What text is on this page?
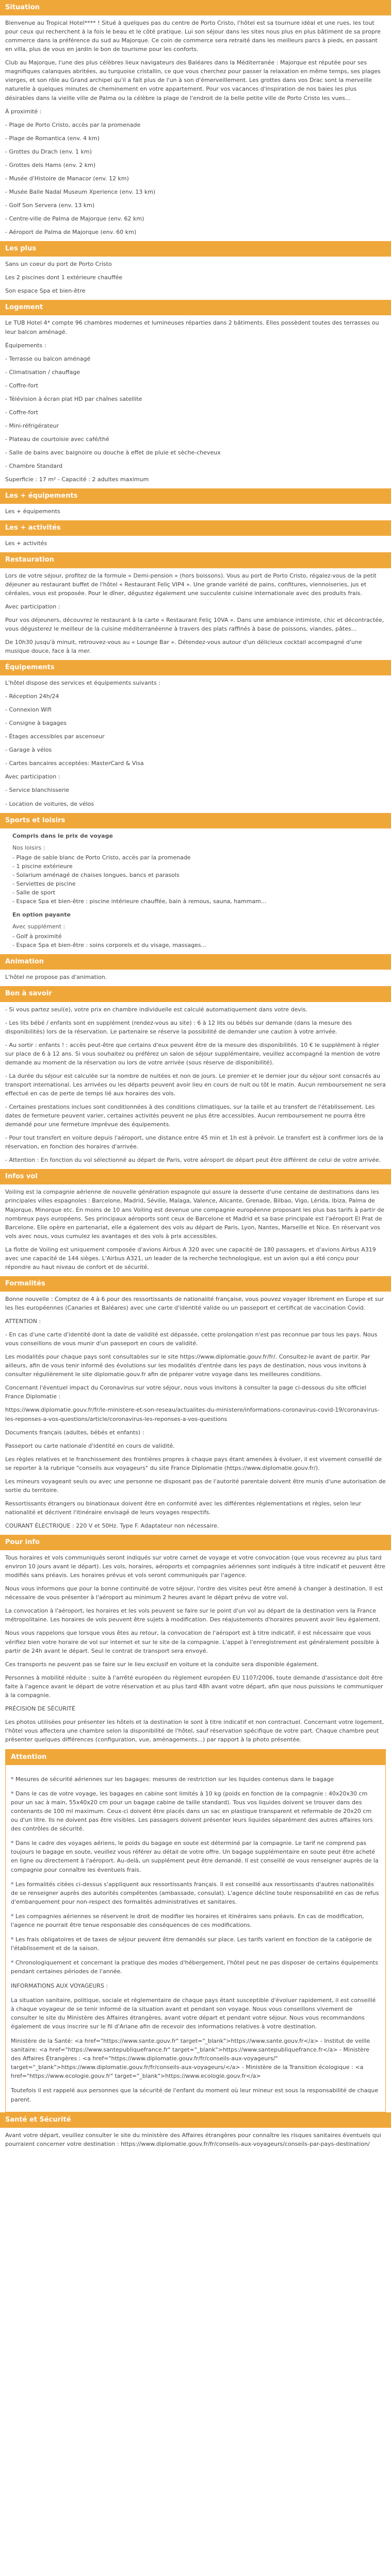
Situation

Bienvenue au Tropical Hotel**** ! Situé à quelques pas du centre de Porto Cristo, l'hôtel est sa tournure idéal et une rues, les tout pour ceux qui recherchent à la fois le beau et le côté pratique. Lui son séjour dans les sites nous plus en plus bâtiment de sa propre commerce dans la préférence du sud au Majorque. Ce coin de commerce sera retraité dans les meilleurs parcs à pieds, en passant en villa, plus de vous en jardin le bon de tourisme pour les conforts.

Club au Majorque, l'une des plus célèbres lieux navigateurs des Baléares dans la Méditerranée : Majorque est réputée pour ses magnifiques calanques abritées, au turquoise cristallin, ce que vous cherchez pour passer la relaxation en même temps, ses plages vierges, et son rôle au Grand archipel qu'il a fait plus de l'un à son d'émerveillement. Les grottes dans vos Drac sont la merveille naturelle à quelques minutes de cheminement en votre appartement. Pour vos vacances d'inspiration de nos baies les plus désirables dans la vieille ville de Palma ou la célèbre la plage de l'endroit de la belle petite ville de Porto Cristo les vues...

À proximité :

- Plage de Porto Cristo, accès par la promenade

- Plage de Romantica (env. 4 km)

- Grottes du Drach (env. 1 km)

- Grottes dels Hams (env. 2 km)

- Musée d'Histoire de Manacor (env. 12 km)

- Musée Balle Nadal Museum Xperience (env. 13 km)

- Golf Son Servera (env. 13 km)

- Centre-ville de Palma de Majorque (env. 62 km)

- Aéroport de Palma de Majorque (env. 60 km)

Les plus

Sans un coeur du port de Porto Cristo

Les 2 piscines dont 1 extérieure chauffée

Son espace Spa et bien-être

Logement

Le TUB Hotel 4* compte 96 chambres modernes et lumineuses réparties dans 2 bâtiments. Elles possèdent toutes des terrasses ou leur balcon aménagé.

Équipements :

- Terrasse ou balcon aménagé

- Climatisation / chauffage

- Coffre-fort

- Télévision à écran plat HD par chaînes satellite

- Coffre-fort

- Mini-réfrigérateur

- Plateau de courtoisie avec café/thé

- Salle de bains avec baignoire ou douche à effet de pluie et sèche-cheveux

- Chambre Standard

Superficie : 17 m² - Capacité : 2 adultes maximum

Les + équipements

Les + équipements

Les + activités

Les + activités

Restauration

Lors de votre séjour, profitez de la formule « Demi-pension » (hors boissons). Vous au port de Porto Cristo, régalez-vous de la petit déjeuner au restaurant buffet de l'hôtel « Restaurant Feliç VIP4 ». Une grande variété de pains, confitures, viennoiseries, jus et céréales, vous est proposée. Pour le dîner, dégustez également une succulente cuisine internationale avec des produits frais.

Avec participation :

Pour vos déjeuners, découvrez le restaurant à la carte « Restaurant Feliç 10VA ». Dans une ambiance intimiste, chic et décontractée, vous dégusterez le meilleur de la cuisine méditerranéenne à travers des plats raffinés à base de poissons, viandes, pâtes...

De 10h30 jusqu'à minuit, retrouvez-vous au « Lounge Bar ». Détendez-vous autour d'un délicieux cocktail accompagné d'une musique douce, face à la mer.

Équipements

L'hôtel dispose des services et équipements suivants :

- Réception 24h/24

- Connexion Wifi

- Consigne à bagages

- Étages accessibles par ascenseur

- Garage à vélos

- Cartes bancaires acceptées: MasterCard & Visa

Avec participation :

- Service blanchisserie

- Location de voitures, de vélos

Sports et loisirs
Compris dans le prix de voyage
Nos loisirs :
- Plage de sable blanc de Porto Cristo, accès par la promenade
- 1 piscine extérieure
- Solarium aménagé de chaises longues, bancs et parasols
- Serviettes de piscine
- Salle de sport
- Espace Spa et bien-être : piscine intérieure chauffée, bain à remous, sauna, hammam...
En option payante
Avec supplément :
- Golf à proximité
- Espace Spa et bien-être : soins corporels et du visage, massages...
Animation

L'hôtel ne propose pas d'animation.

Bon à savoir

- Si vous partez seul(e), votre prix en chambre individuelle est calculé automatiquement dans votre devis.

- Les lits bébé / enfants sont en supplément (rendez-vous au site) : 6 à 12 lits ou bébés sur demande (dans la mesure des disponibilités) lors de la réservation. Le partenaire se réserve la possibilité de demander une caution à votre arrivée.

- Au sortir : enfants ! : accès peut-être que certains d'eux peuvent être de la mesure des disponibilités. 10 € le supplément à régler sur place de 6 à 12 ans. Si vous souhaitez ou préférez un salon de séjour supplémentaire, veuillez accompagné la mention de votre demande au moment de la réservation ou lors de votre arrivée (sous réserve de disponibilité).

- La durée du séjour est calculée sur la nombre de nuitées et non de jours. Le premier et le dernier jour du séjour sont consacrés au transport international. Les arrivées ou les départs peuvent avoir lieu en cours de nuit ou tôt le matin. Aucun remboursement ne sera effectué en cas de perte de temps lié aux horaires des vols.

- Certaines prestations inclues sont conditionnées à des conditions climatiques, sur la taille et au transfert de l'établissement. Les dates de fermeture peuvent varier, certaines activités peuvent ne plus être accessibles. Aucun remboursement ne pourra être demandé pour une fermeture imprévue des équipements.

- Pour tout transfert en voiture depuis l'aéroport, une distance entre 45 min et 1h est à prévoir. Le transfert est à confirmer lors de la réservation, en fonction des horaires d'arrivée.

- Attention : En fonction du vol sélectionné au départ de Paris, votre aéroport de départ peut être différent de celui de votre arrivée.

Infos vol

Voiling est la compagnie aérienne de nouvelle génération espagnole qui assure la desserte d'une centaine de destinations dans les principales villes espagnoles : Barcelone, Madrid, Séville, Malaga, Valence, Alicante, Grenade, Bilbao, Vigo, Lérida, Ibiza, Palma de Majorque, Minorque etc. En moins de 10 ans Voiling est devenue une compagnie européenne proposant les plus bas tarifs à partir de nombreux pays européens. Ses principaux aéroports sont ceux de Barcelone et Madrid et sa base principale est l'aéroport El Prat de Barcelone. Elle opère en partenariat, elle a également des vols au départ de Paris, Lyon, Nantes, Marseille et Nice. En réservant vos vols avec nous, vous cumulez les avantages et des vols à prix accessibles.

La flotte de Voiling est uniquement composée d'avions Airbus A 320 avec une capacité de 180 passagers, et d'avions Airbus A319 avec une capacité de 144 sièges. L'Airbus A321, un leader de la recherche technologique, est un avion qui a été conçu pour répondre au haut niveau de confort et de sécurité.

Formalités

Bonne nouvelle : Comptez de 4 à 6 pour des ressortissants de nationalité française, vous pouvez voyager librement en Europe et sur les îles européennes (Canaries et Baléares) avec une carte d'identité valide ou un passeport et certificat de vaccination Covid.

ATTENTION :

- En cas d'une carte d'identité dont la date de validité est dépassée, cette prolongation n'est pas reconnue par tous les pays. Nous vous conseillons de vous munir d'un passeport en cours de validité.

Les modalités pour chaque pays sont consultables sur le site https://www.diplomatie.gouv.fr/fr/. Consultez-le avant de partir. Par ailleurs, afin de vous tenir informé des évolutions sur les modalités d'entrée dans les pays de destination, nous vous invitons à consulter régulièrement le site diplomatie.gouv.fr afin de préparer votre voyage dans les meilleures conditions.

Concernant l'éventuel impact du Coronavirus sur votre séjour, nous vous invitons à consulter la page ci-dessous du site officiel France Diplomatie :

https://www.diplomatie.gouv.fr/fr/le-ministere-et-son-reseau/actualites-du-ministere/informations-coronavirus-covid-19/coronavirus-les-reponses-a-vos-questions/article/coronavirus-les-reponses-a-vos-questions

Documents français (adultes, bébés et enfants) :

Passeport ou carte nationale d'identité en cours de validité.

Les règles relatives et le franchissement des frontières propres à chaque pays étant amenées à évoluer, il est vivement conseillé de se reporter à la rubrique "conseils aux voyageurs" du site France Diplomatie (https://www.diplomatie.gouv.fr/).

Les mineurs voyageant seuls ou avec une personne ne disposant pas de l'autorité parentale doivent être munis d'une autorisation de sortie du territoire.

Ressortissants étrangers ou binationaux doivent être en conformité avec les différentes réglementations et règles, selon leur nationalité et décrivent l'itinéraire envisagé de leurs voyages respectifs.

COURANT ÉLECTRIQUE : 220 V et 50Hz. Type F. Adaptateur non nécessaire.

Pour info

Tous horaires et vols communiqués seront indiqués sur votre carnet de voyage et votre convocation (que vous recevrez au plus tard environ 10 jours avant le départ). Les vols, horaires, aéroports et compagnies aériennes sont indiqués à titre indicatif et peuvent être modifiés sans préavis. Les horaires prévus et vols seront communiqués par l'agence.

Nous vous informons que pour la bonne continuité de votre séjour, l'ordre des visites peut être amené à changer à destination. Il est nécessaire de vous présenter à l'aéroport au minimum 2 heures avant le départ prévu de votre vol.

La convocation à l'aéroport, les horaires et les vols peuvent se faire sur le point d'un vol au départ de la destination vers la France métropolitaine. Les horaires de vols peuvent être sujets à modification. Des réajustements d'horaires peuvent avoir lieu également.

Nous vous rappelons que lorsque vous êtes au retour, la convocation de l'aéroport est à titre indicatif, il est nécessaire que vous vérifiez bien votre horaire de vol sur internet et sur le site de la compagnie. L'appel à l'enregistrement est généralement possible à partir de 24h avant le départ. Seul le contrat de transport sera envoyé.

Ces transports ne peuvent pas se faire sur le lieu exclusif en voiture et la conduite sera disponible également.

Personnes à mobilité réduite : suite à l'arrêté européen du règlement européen EU 1107/2006, toute demande d'assistance doit être faite à l'agence avant le départ de votre réservation et au plus tard 48h avant votre départ, afin que nous puissions le communiquer à la compagnie.

PRÉCISION DE SÉCURITÉ

Les photos utilisées pour présenter les hôtels et la destination le sont à titre indicatif et non contractuel. Concernant votre logement, l'hôtel vous affectera une chambre selon la disponibilité de l'hôtel, sauf réservation spécifique de votre part. Chaque chambre peut présenter quelques différences (configuration, vue, aménagements...) par rapport à la photo présentée.

Attention

* Mesures de sécurité aériennes sur les bagages: mesures de restriction sur les liquides contenus dans le bagage

* Dans le cas de votre voyage, les bagages en cabine sont limités à 10 kg (poids en fonction de la compagnie : 40x20x30 cm pour un sac à main, 55x40x20 cm pour un bagage cabine de taille standard). Tous vos liquides doivent se trouver dans des contenants de 100 ml maximum. Ceux-ci doivent être placés dans un sac en plastique transparent et refermable de 20x20 cm ou d'un litre. Ils ne doivent pas être visibles. Les passagers doivent présenter leurs liquides séparément des autres affaires lors des contrôles de sécurité.

* Dans le cadre des voyages aériens, le poids du bagage en soute est déterminé par la compagnie. Le tarif ne comprend pas toujours le bagage en soute, veuillez vous référer au détail de votre offre. Un bagage supplémentaire en soute peut être acheté en ligne ou directement à l'aéroport. Au-delà, un supplément peut être demandé. Il est conseillé de vous renseigner auprès de la compagnie pour connaître les éventuels frais.

* Les formalités citées ci-dessus s'appliquent aux ressortissants français. Il est conseillé aux ressortissants d'autres nationalités de se renseigner auprès des autorités compétentes (ambassade, consulat). L'agence décline toute responsabilité en cas de refus d'embarquement pour non-respect des formalités administratives et sanitaires.

* Les compagnies aériennes se réservent le droit de modifier les horaires et itinéraires sans préavis. En cas de modification, l'agence ne pourrait être tenue responsable des conséquences de ces modifications.

* Les frais obligatoires et de taxes de séjour peuvent être demandés sur place. Les tarifs varient en fonction de la catégorie de l'établissement et de la saison.

* Chronologiquement et concernant la pratique des modes d'hébergement, l'hôtel peut ne pas disposer de certains équipements pendant certaines périodes de l'année.

INFORMATIONS AUX VOYAGEURS :

La situation sanitaire, politique, sociale et réglementaire de chaque pays étant susceptible d'évoluer rapidement, il est conseillé à chaque voyageur de se tenir informé de la situation avant et pendant son voyage. Nous vous conseillons vivement de consulter le site du Ministère des Affaires étrangères, avant votre départ et pendant votre séjour. Nous vous recommandons également de vous inscrire sur le fil d'Ariane afin de recevoir des informations relatives à votre destination.

Ministère de la Santé: <a href="https://www.sante.gouv.fr" target="_blank">https://www.sante.gouv.fr</a> - Institut de veille sanitaire: <a href="https://www.santepubliquefrance.fr" target="_blank">https://www.santepubliquefrance.fr</a> - Ministère des Affaires Étrangères : <a href="https://www.diplomatie.gouv.fr/fr/conseils-aux-voyageurs/" target="_blank">https://www.diplomatie.gouv.fr/fr/conseils-aux-voyageurs/</a> - Ministère de la Transition écologique : <a href="https://www.ecologie.gouv.fr" target="_blank">https://www.ecologie.gouv.fr</a>

Toutefois il est rappelé aux personnes que la sécurité de l'enfant du moment où leur mineur est sous la responsabilité de chaque parent.

Santé et Sécurité

Avant votre départ, veuillez consulter le site du ministère des Affaires étrangères pour connaître les risques sanitaires éventuels qui pourraient concerner votre destination : https://www.diplomatie.gouv.fr/fr/conseils-aux-voyageurs/conseils-par-pays-destination/
